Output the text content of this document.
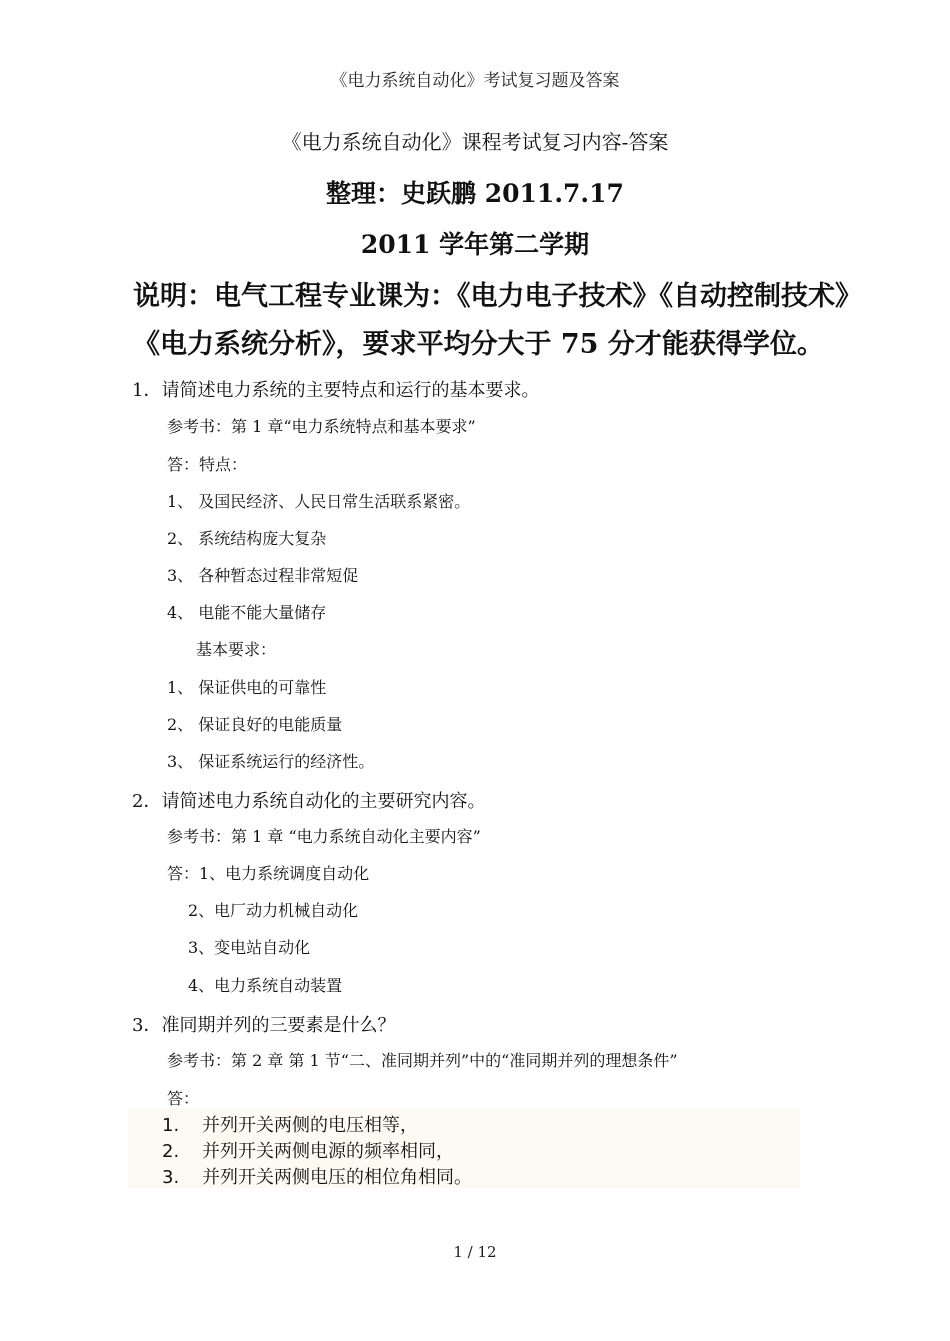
《电力系统自动化》考试复习题及答案
《电力系统自动化》课程考试复习内容-答案
整理：史跃鹏 2011.7.17
2011 学年第二学期
说明：电气工程专业课为：《电力电子技术》《自动控制技术》
《电力系统分析》，要求平均分大于 75 分才能获得学位。
1．请简述电力系统的主要特点和运行的基本要求。
参考书：第 1 章“电力系统特点和基本要求”
答：特点：
1、 及国民经济、人民日常生活联系紧密。
2、 系统结构庞大复杂
3、 各种暂态过程非常短促
4、 电能不能大量储存
基本要求：
1、 保证供电的可靠性
2、 保证良好的电能质量
3、 保证系统运行的经济性。
2．请简述电力系统自动化的主要研究内容。
参考书：第 1 章 “电力系统自动化主要内容”
答：1、电力系统调度自动化
2、电厂动力机械自动化
3、变电站自动化
4、电力系统自动装置
3．准同期并列的三要素是什么？
参考书：第 2 章 第 1 节“二、准同期并列”中的“准同期并列的理想条件”
答：
1. 并列开关两侧的电压相等，
2. 并列开关两侧电源的频率相同，
3. 并列开关两侧电压的相位角相同。
1 / 12
